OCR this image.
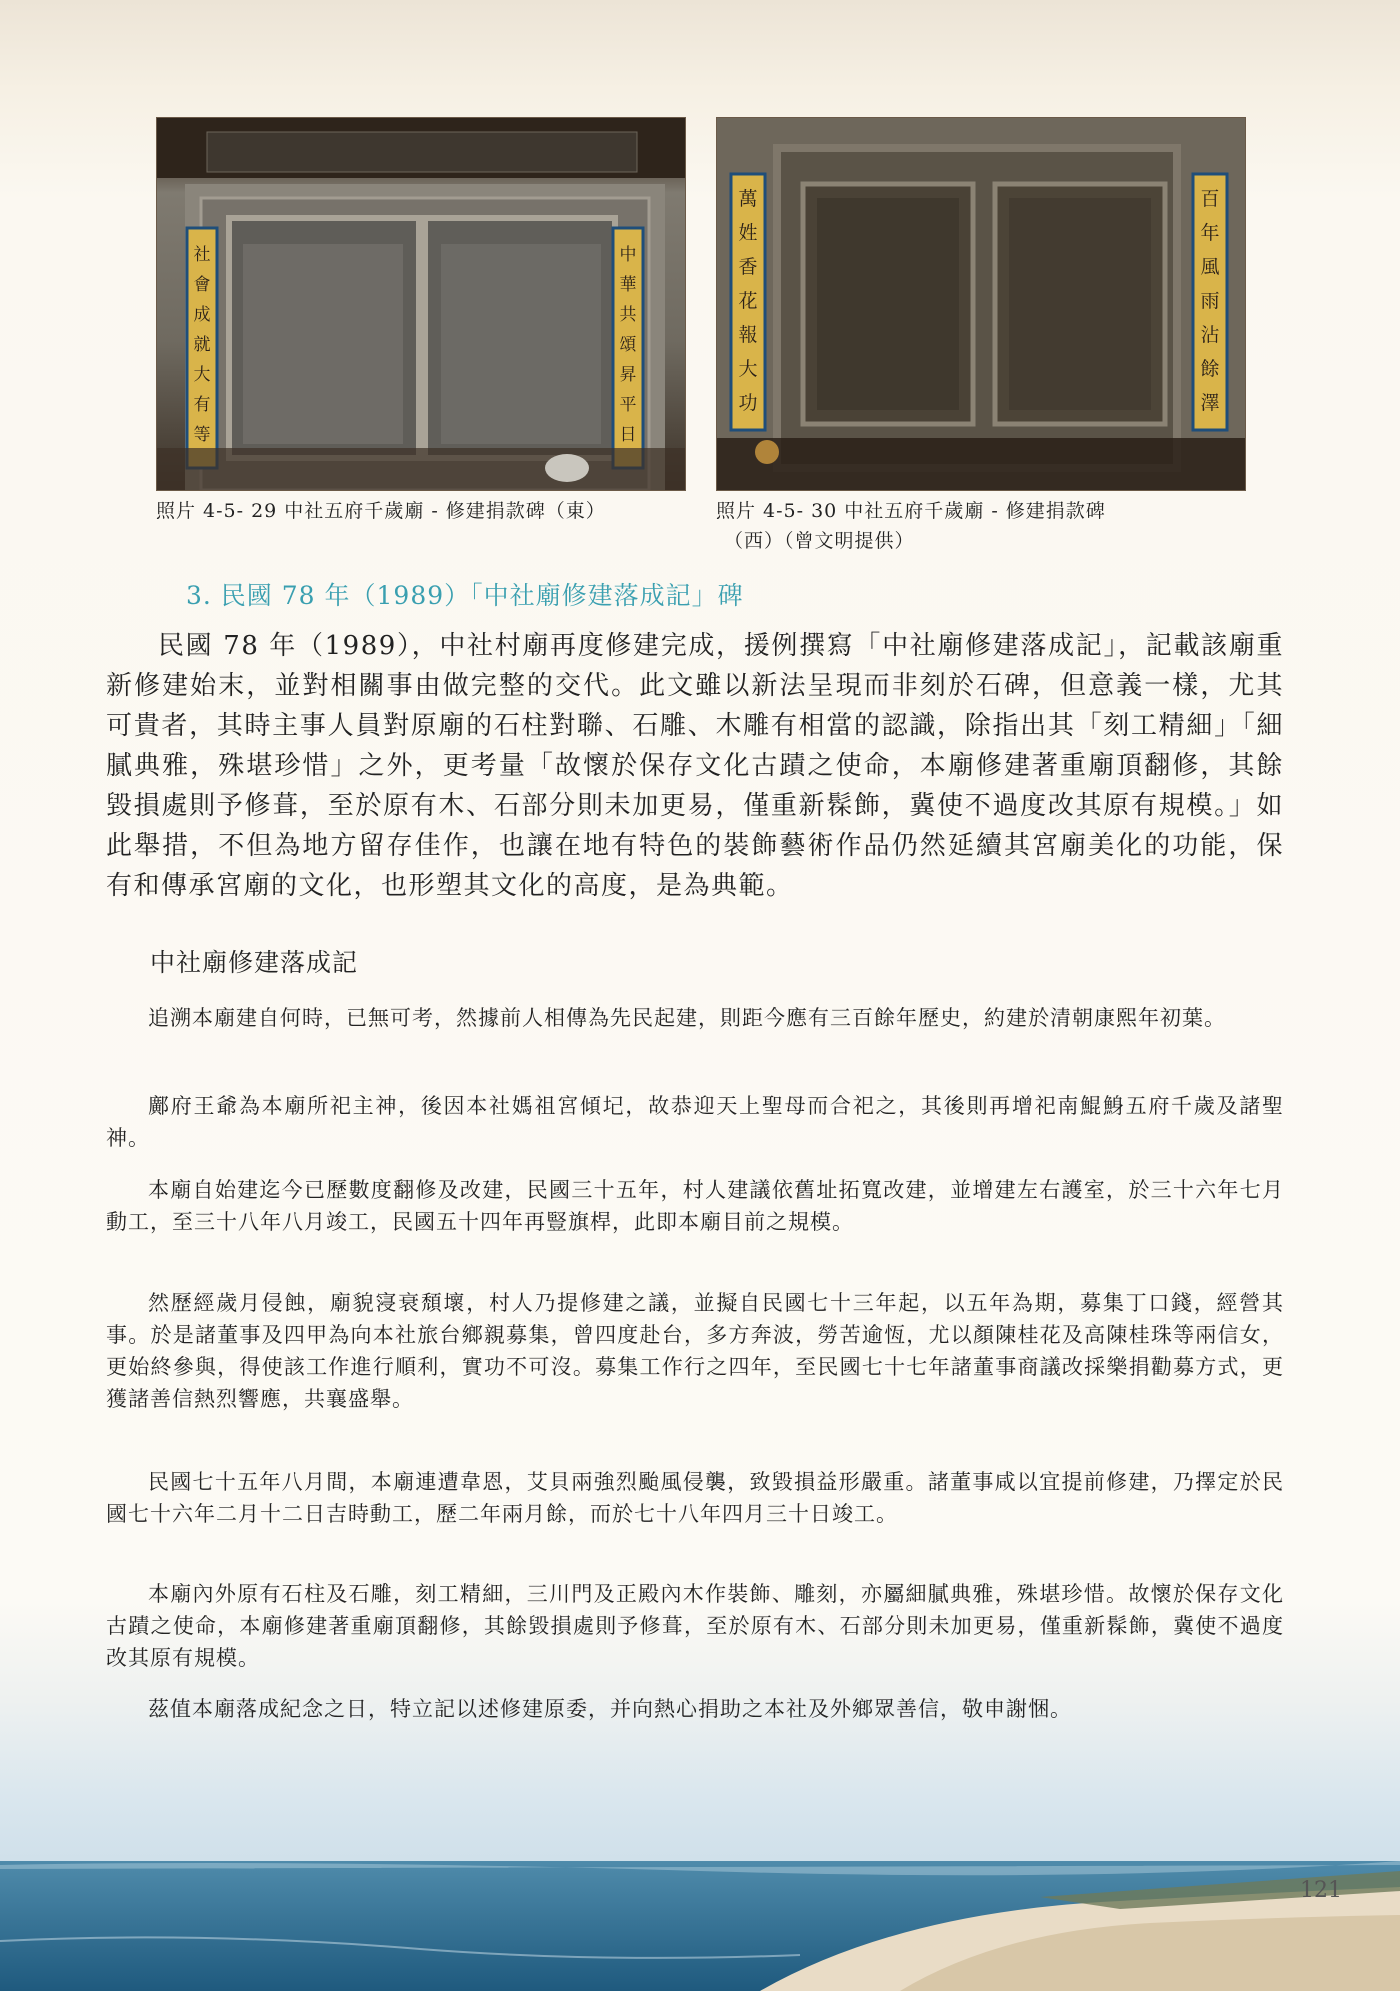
社會成就大有等
中華共頌昇平日
萬姓香花報大功
百年風雨沾餘澤
照片 4-5- 29 中社五府千歲廟 - 修建捐款碑（東）	照片 4-5- 30 中社五府千歲廟 - 修建捐款碑
（西）（曾文明提供）
3. 民國 78 年（1989）「中社廟修建落成記」碑
民國 78 年（1989），中社村廟再度修建完成，援例撰寫「中社廟修建落成記」，記載該廟重新修建始末，並對相關事由做完整的交代。此文雖以新法呈現而非刻於石碑，但意義一樣，尤其可貴者，其時主事人員對原廟的石柱對聯、石雕、木雕有相當的認識，除指出其「刻工精細」「細膩典雅，殊堪珍惜」之外，更考量「故懷於保存文化古蹟之使命，本廟修建著重廟頂翻修，其餘毀損處則予修葺，至於原有木、石部分則未加更易，僅重新髹飾，冀使不過度改其原有規模。」如此舉措，不但為地方留存佳作，也讓在地有特色的裝飾藝術作品仍然延續其宮廟美化的功能，保有和傳承宮廟的文化，也形塑其文化的高度，是為典範。
中社廟修建落成記
追溯本廟建自何時，已無可考，然據前人相傳為先民起建，則距今應有三百餘年歷史，約建於清朝康熙年初葉。
鄺府王爺為本廟所祀主神，後因本社媽祖宮傾圮，故恭迎天上聖母而合祀之，其後則再增祀南鯤鯓五府千歲及諸聖神。
本廟自始建迄今已歷數度翻修及改建，民國三十五年，村人建議依舊址拓寬改建，並增建左右護室，於三十六年七月動工，至三十八年八月竣工，民國五十四年再豎旗桿，此即本廟目前之規模。
然歷經歲月侵蝕，廟貌寖衰頹壞，村人乃提修建之議，並擬自民國七十三年起，以五年為期，募集丁口錢，經營其事。於是諸董事及四甲為向本社旅台鄉親募集，曾四度赴台，多方奔波，勞苦逾恆，尤以顏陳桂花及高陳桂珠等兩信女，更始終參與，得使該工作進行順利，實功不可沒。募集工作行之四年，至民國七十七年諸董事商議改採樂捐勸募方式，更獲諸善信熱烈響應，共襄盛舉。
民國七十五年八月間，本廟連遭韋恩，艾貝兩強烈颱風侵襲，致毀損益形嚴重。諸董事咸以宜提前修建，乃擇定於民國七十六年二月十二日吉時動工，歷二年兩月餘，而於七十八年四月三十日竣工。
本廟內外原有石柱及石雕，刻工精細，三川門及正殿內木作裝飾、雕刻，亦屬細膩典雅，殊堪珍惜。故懷於保存文化古蹟之使命，本廟修建著重廟頂翻修，其餘毀損處則予修葺，至於原有木、石部分則未加更易，僅重新髹飾，冀使不過度改其原有規模。
茲值本廟落成紀念之日，特立記以述修建原委，并向熱心捐助之本社及外鄉眾善信，敬申謝悃。
121
